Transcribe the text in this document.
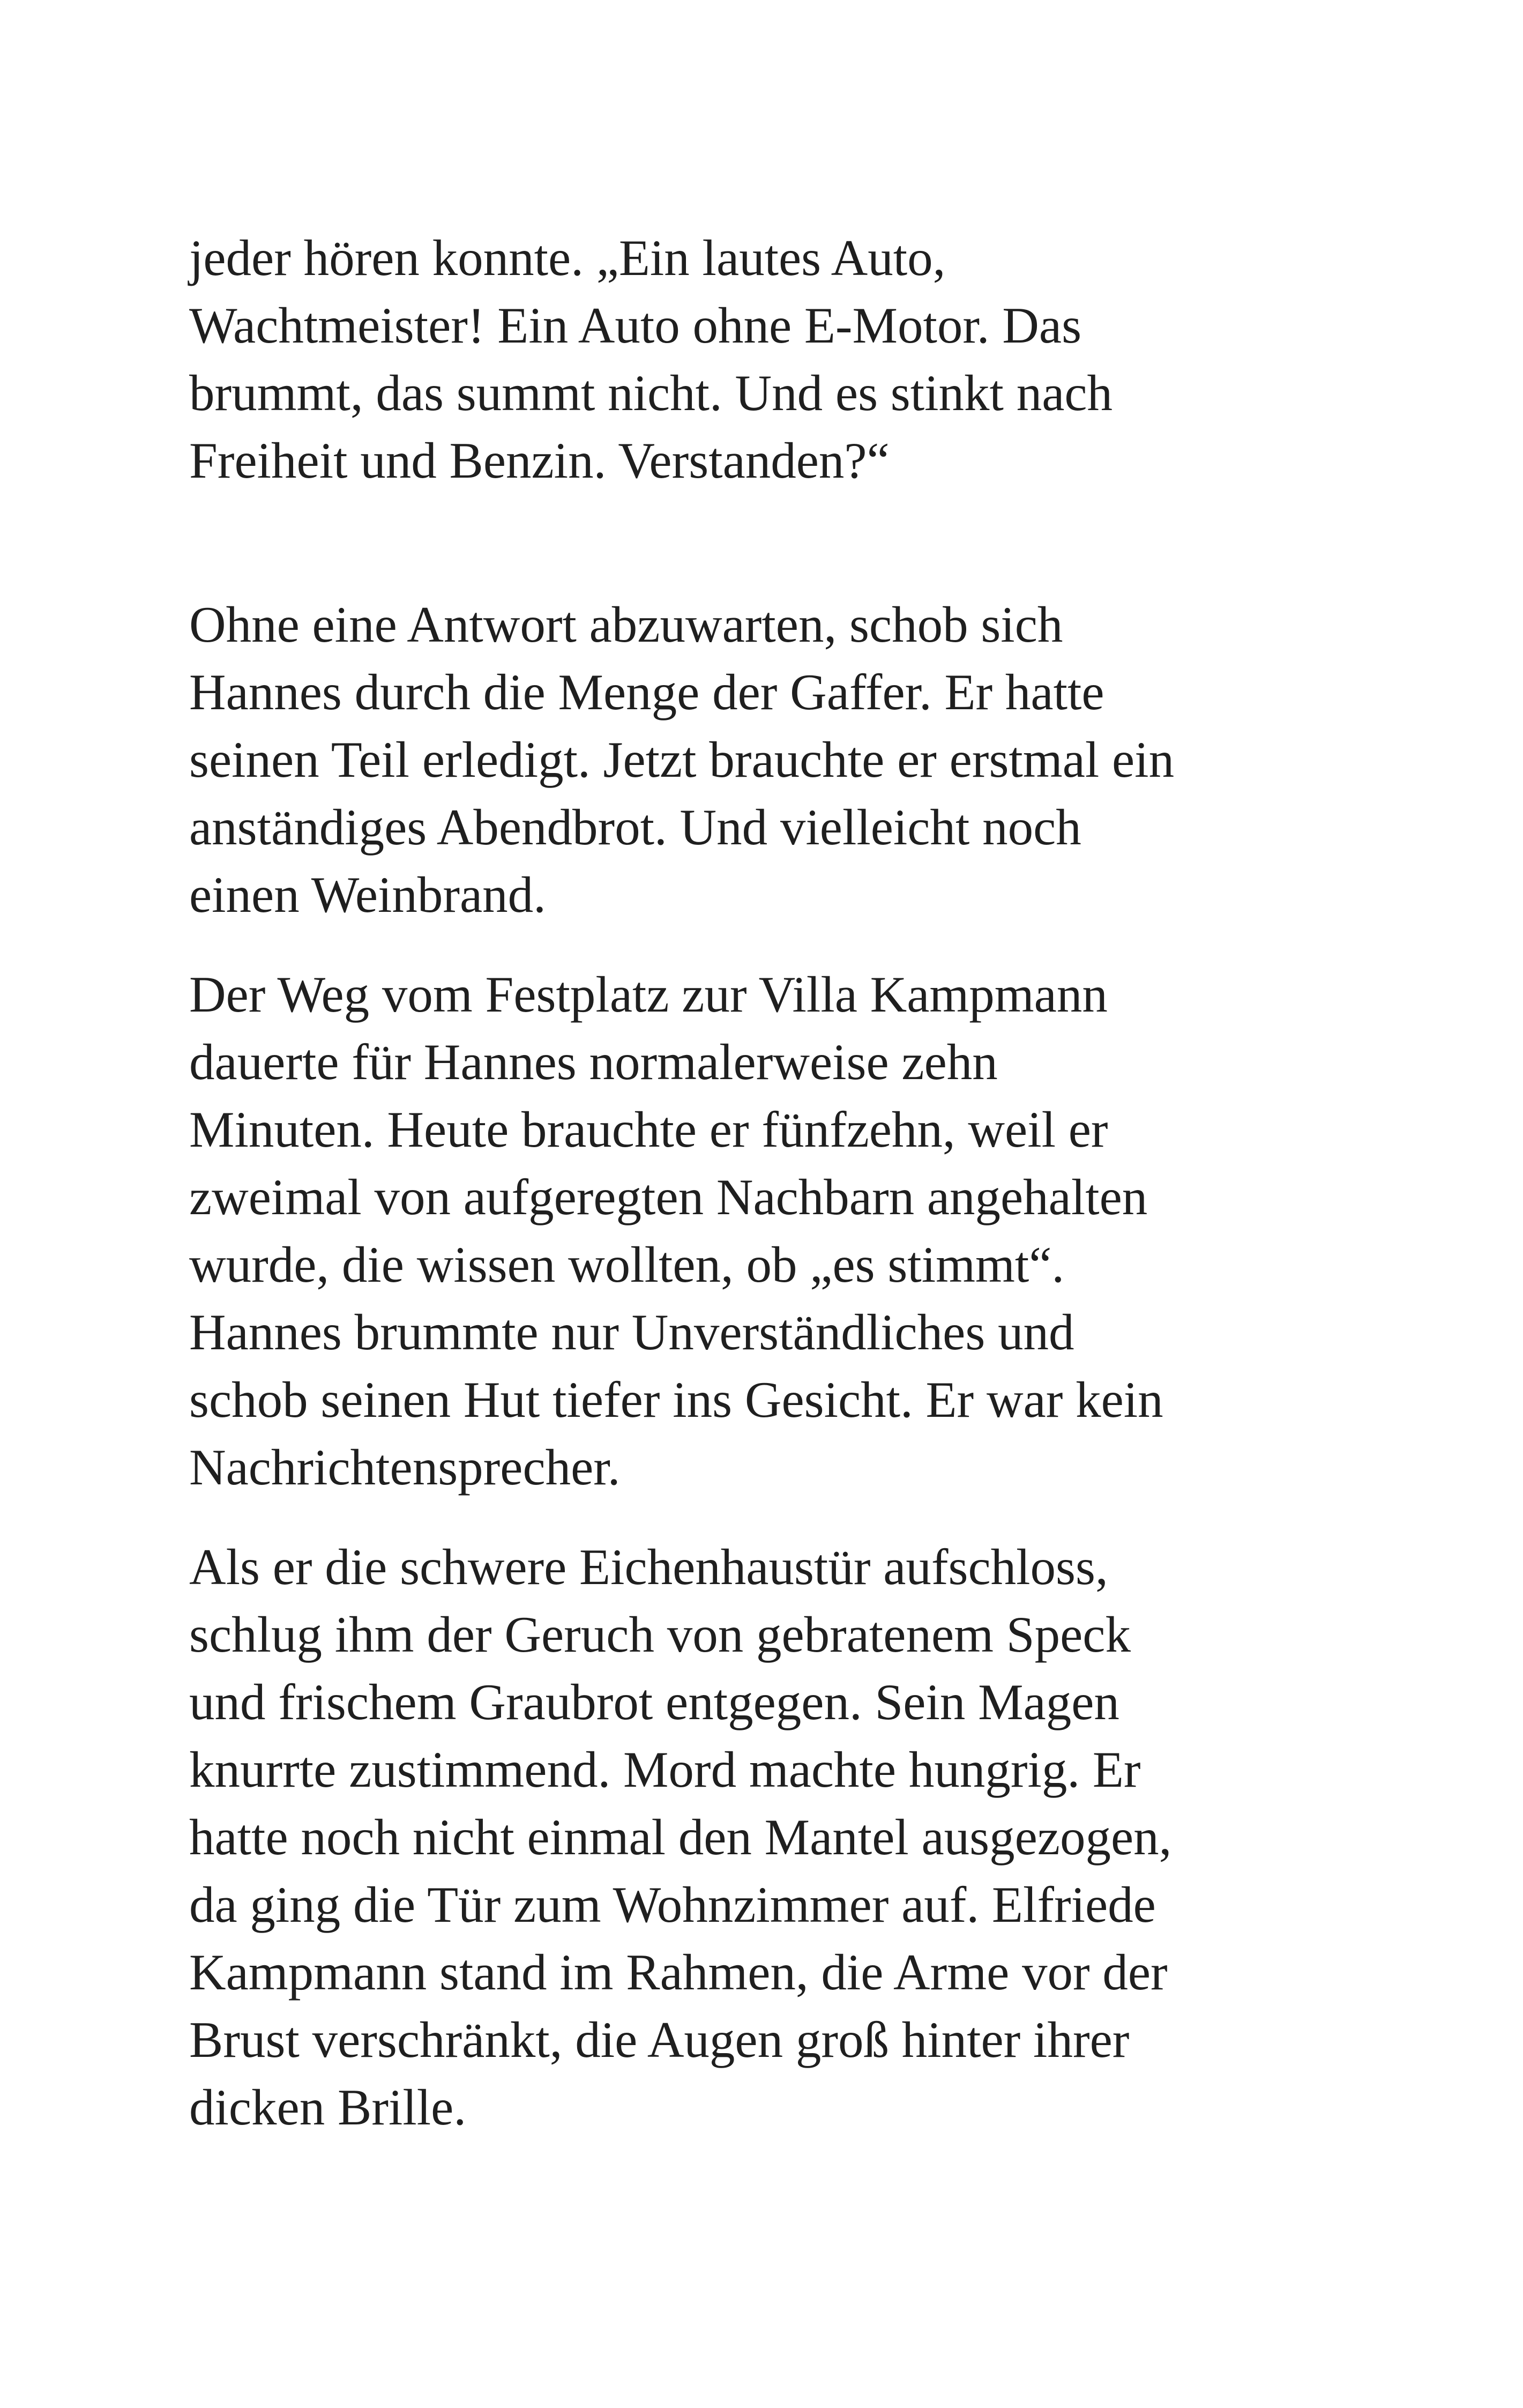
jeder hören konnte. „Ein lautes Auto,
Wachtmeister! Ein Auto ohne E-Motor. Das
brummt, das summt nicht. Und es stinkt nach
Freiheit und Benzin. Verstanden?“
Ohne eine Antwort abzuwarten, schob sich
Hannes durch die Menge der Gaffer. Er hatte
seinen Teil erledigt. Jetzt brauchte er erstmal ein
anständiges Abendbrot. Und vielleicht noch
einen Weinbrand.
Der Weg vom Festplatz zur Villa Kampmann
dauerte für Hannes normalerweise zehn
Minuten. Heute brauchte er fünfzehn, weil er
zweimal von aufgeregten Nachbarn angehalten
wurde, die wissen wollten, ob „es stimmt“.
Hannes brummte nur Unverständliches und
schob seinen Hut tiefer ins Gesicht. Er war kein
Nachrichtensprecher.
Als er die schwere Eichenhaustür aufschloss,
schlug ihm der Geruch von gebratenem Speck
und frischem Graubrot entgegen. Sein Magen
knurrte zustimmend. Mord machte hungrig. Er
hatte noch nicht einmal den Mantel ausgezogen,
da ging die Tür zum Wohnzimmer auf. Elfriede
Kampmann stand im Rahmen, die Arme vor der
Brust verschränkt, die Augen groß hinter ihrer
dicken Brille.
